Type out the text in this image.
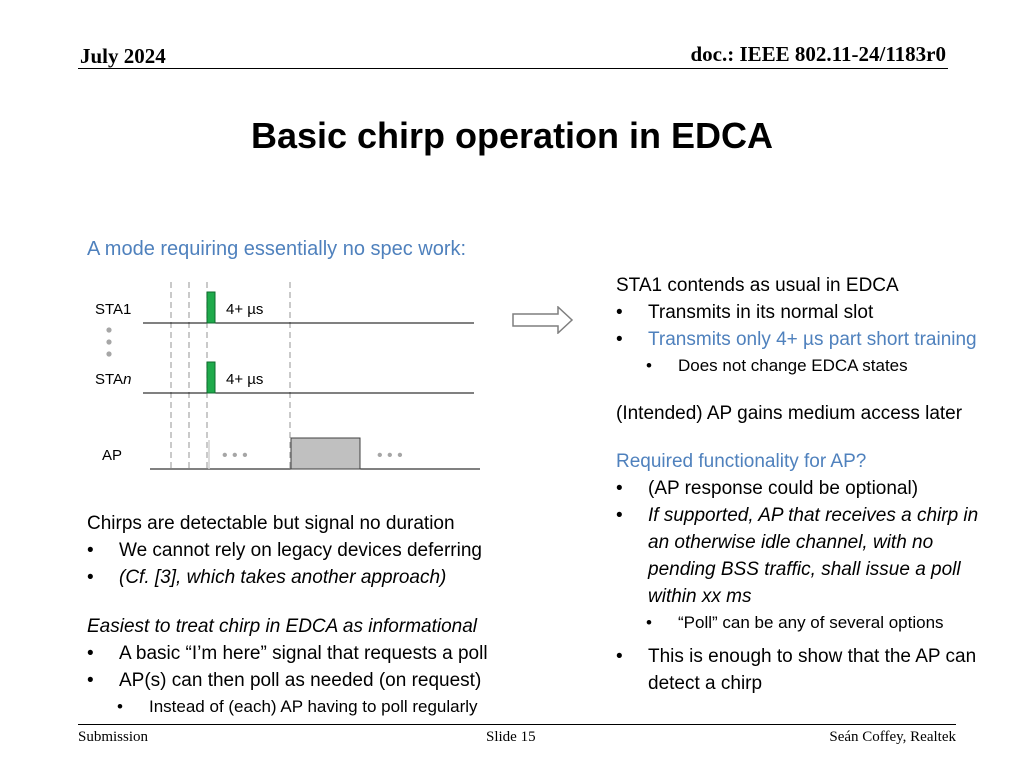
July 2024	doc.: IEEE 802.11-24/1183r0
Basic chirp operation in EDCA
A mode requiring essentially no spec work:
STA1	4+ µs
STAn	4+ µs
AP	• • •	• • •
Chirps are detectable but signal no duration
• We cannot rely on legacy devices deferring
• (Cf. [3], which takes another approach)
Easiest to treat chirp in EDCA as informational
• A basic “I’m here” signal that requests a poll
• AP(s) can then poll as needed (on request)
• Instead of (each) AP having to poll regularly
STA1 contends as usual in EDCA
• Transmits in its normal slot
• Transmits only 4+ µs part short training
• Does not change EDCA states
(Intended) AP gains medium access later
Required functionality for AP?
• (AP response could be optional)
• If supported, AP that receives a chirp in an otherwise idle channel, with no pending BSS traffic, shall issue a poll within xx ms
• “Poll” can be any of several options
• This is enough to show that the AP can detect a chirp
Submission	Slide 15	Seán Coffey, Realtek
